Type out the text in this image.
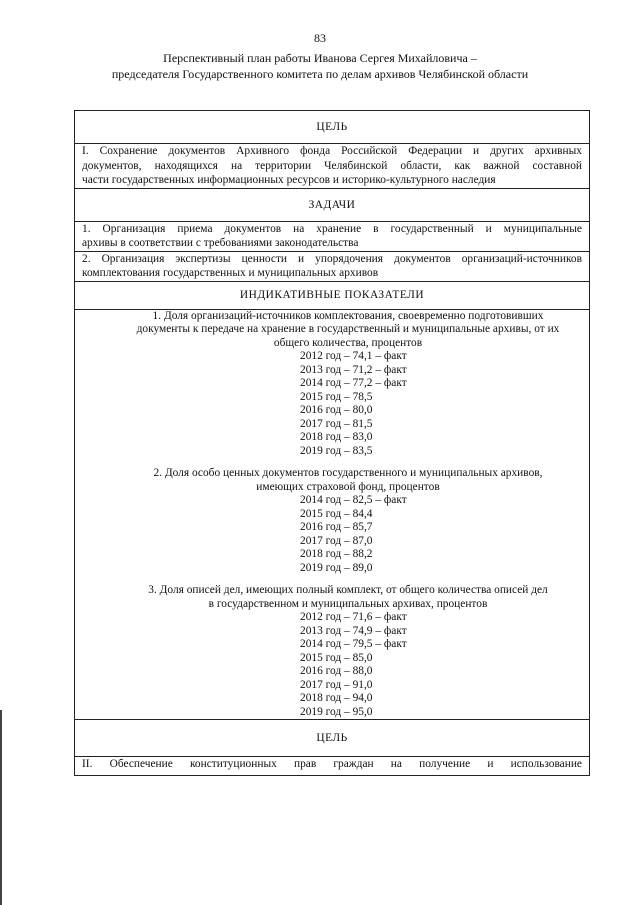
83
Перспективный план работы Иванова Сергея Михайловича –
председателя Государственного комитета по делам архивов Челябинской области
ЦЕЛЬ

I. Сохранение документов Архивного фонда Российской Федерации и других архивных
документов, находящихся на территории Челябинской области, как важной составной
части государственных информационных ресурсов и историко-культурного наследия

ЗАДАЧИ

1. Организация приема документов на хранение в государственный и муниципальные
архивы в соответствии с требованиями законодательства

2. Организация экспертизы ценности и упорядочения документов организаций-источников
комплектования государственных и муниципальных архивов

ИНДИКАТИВНЫЕ ПОКАЗАТЕЛИ

1. Доля организаций-источников комплектования, своевременно подготовивших
документы к передаче на хранение в государственный и муниципальные архивы, от их
общего количества, процентов
2012 год – 74,1 – факт
2013 год – 71,2 – факт
2014 год – 77,2 – факт
2015 год – 78,5
2016 год – 80,0
2017 год – 81,5
2018 год – 83,0
2019 год – 83,5
2. Доля особо ценных документов государственного и муниципальных архивов,
имеющих страховой фонд, процентов
2014 год – 82,5 – факт
2015 год – 84,4
2016 год – 85,7
2017 год – 87,0
2018 год – 88,2
2019 год – 89,0
3. Доля описей дел, имеющих полный комплект, от общего количества описей дел
в государственном и муниципальных архивах, процентов
2012 год – 71,6 – факт
2013 год – 74,9 – факт
2014 год – 79,5 – факт
2015 год – 85,0
2016 год – 88,0
2017 год – 91,0
2018 год – 94,0
2019 год – 95,0

ЦЕЛЬ

II. Обеспечение конституционных прав граждан на получение и использование
